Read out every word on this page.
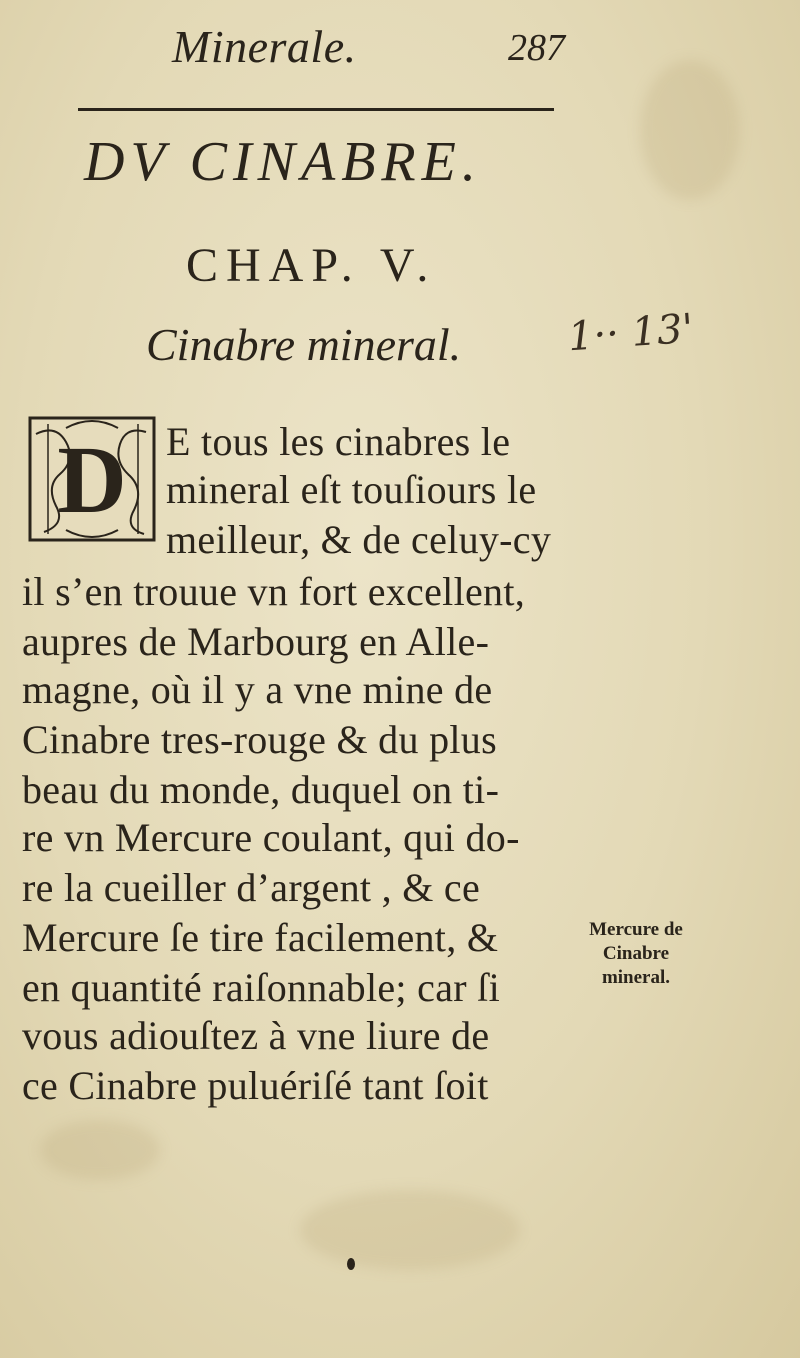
Minerale.	287
DV CINABRE.
CHAP. V.
Cinabre mineral.	1·· 13'
D E tous les cinabres le
mineral eſt touſiours le
meilleur, & de celuy-cy
il s’en trouue vn fort excellent,
aupres de Marbourg en Alle-
magne, où il y a vne mine de
Cinabre tres-rouge & du plus
beau du monde, duquel on ti-
re vn Mercure coulant, qui do-
re la cueiller d’argent , & ce
Mercure ſe tire facilement, &
en quantité raiſonnable; car ſi
vous adiouſtez à vne liure de
ce Cinabre puluériſé tant ſoit
Mercure de
Cinabre
mineral.
